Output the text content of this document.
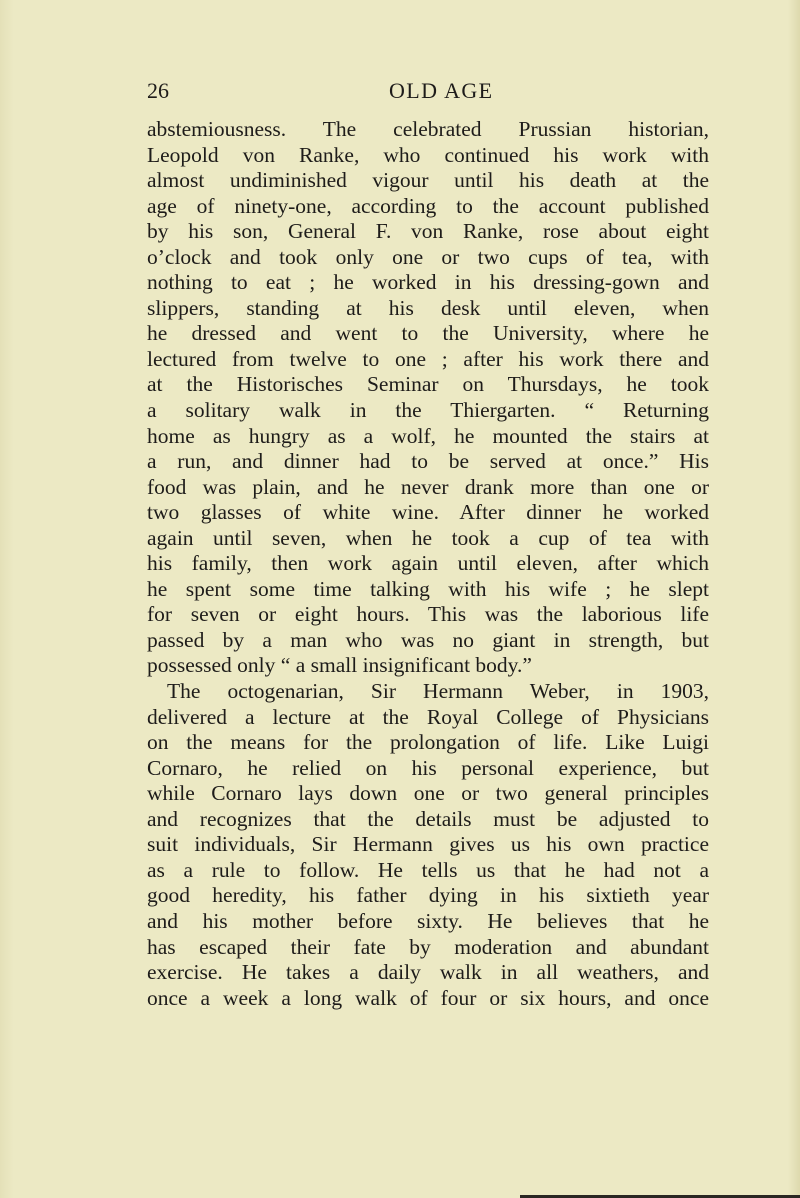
26	OLD AGE
abstemiousness. The celebrated Prussian historian,
Leopold von Ranke, who continued his work with
almost undiminished vigour until his death at the
age of ninety-one, according to the account published
by his son, General F. von Ranke, rose about eight
o’clock and took only one or two cups of tea, with
nothing to eat ; he worked in his dressing-gown and
slippers, standing at his desk until eleven, when
he dressed and went to the University, where he
lectured from twelve to one ; after his work there and
at the Historisches Seminar on Thursdays, he took
a solitary walk in the Thiergarten. “ Returning
home as hungry as a wolf, he mounted the stairs at
a run, and dinner had to be served at once.” His
food was plain, and he never drank more than one or
two glasses of white wine. After dinner he worked
again until seven, when he took a cup of tea with
his family, then work again until eleven, after which
he spent some time talking with his wife ; he slept
for seven or eight hours. This was the laborious life
passed by a man who was no giant in strength, but
possessed only “ a small insignificant body.”
The octogenarian, Sir Hermann Weber, in 1903,
delivered a lecture at the Royal College of Physicians
on the means for the prolongation of life. Like Luigi
Cornaro, he relied on his personal experience, but
while Cornaro lays down one or two general principles
and recognizes that the details must be adjusted to
suit individuals, Sir Hermann gives us his own practice
as a rule to follow. He tells us that he had not a
good heredity, his father dying in his sixtieth year
and his mother before sixty. He believes that he
has escaped their fate by moderation and abundant
exercise. He takes a daily walk in all weathers, and
once a week a long walk of four or six hours, and once
